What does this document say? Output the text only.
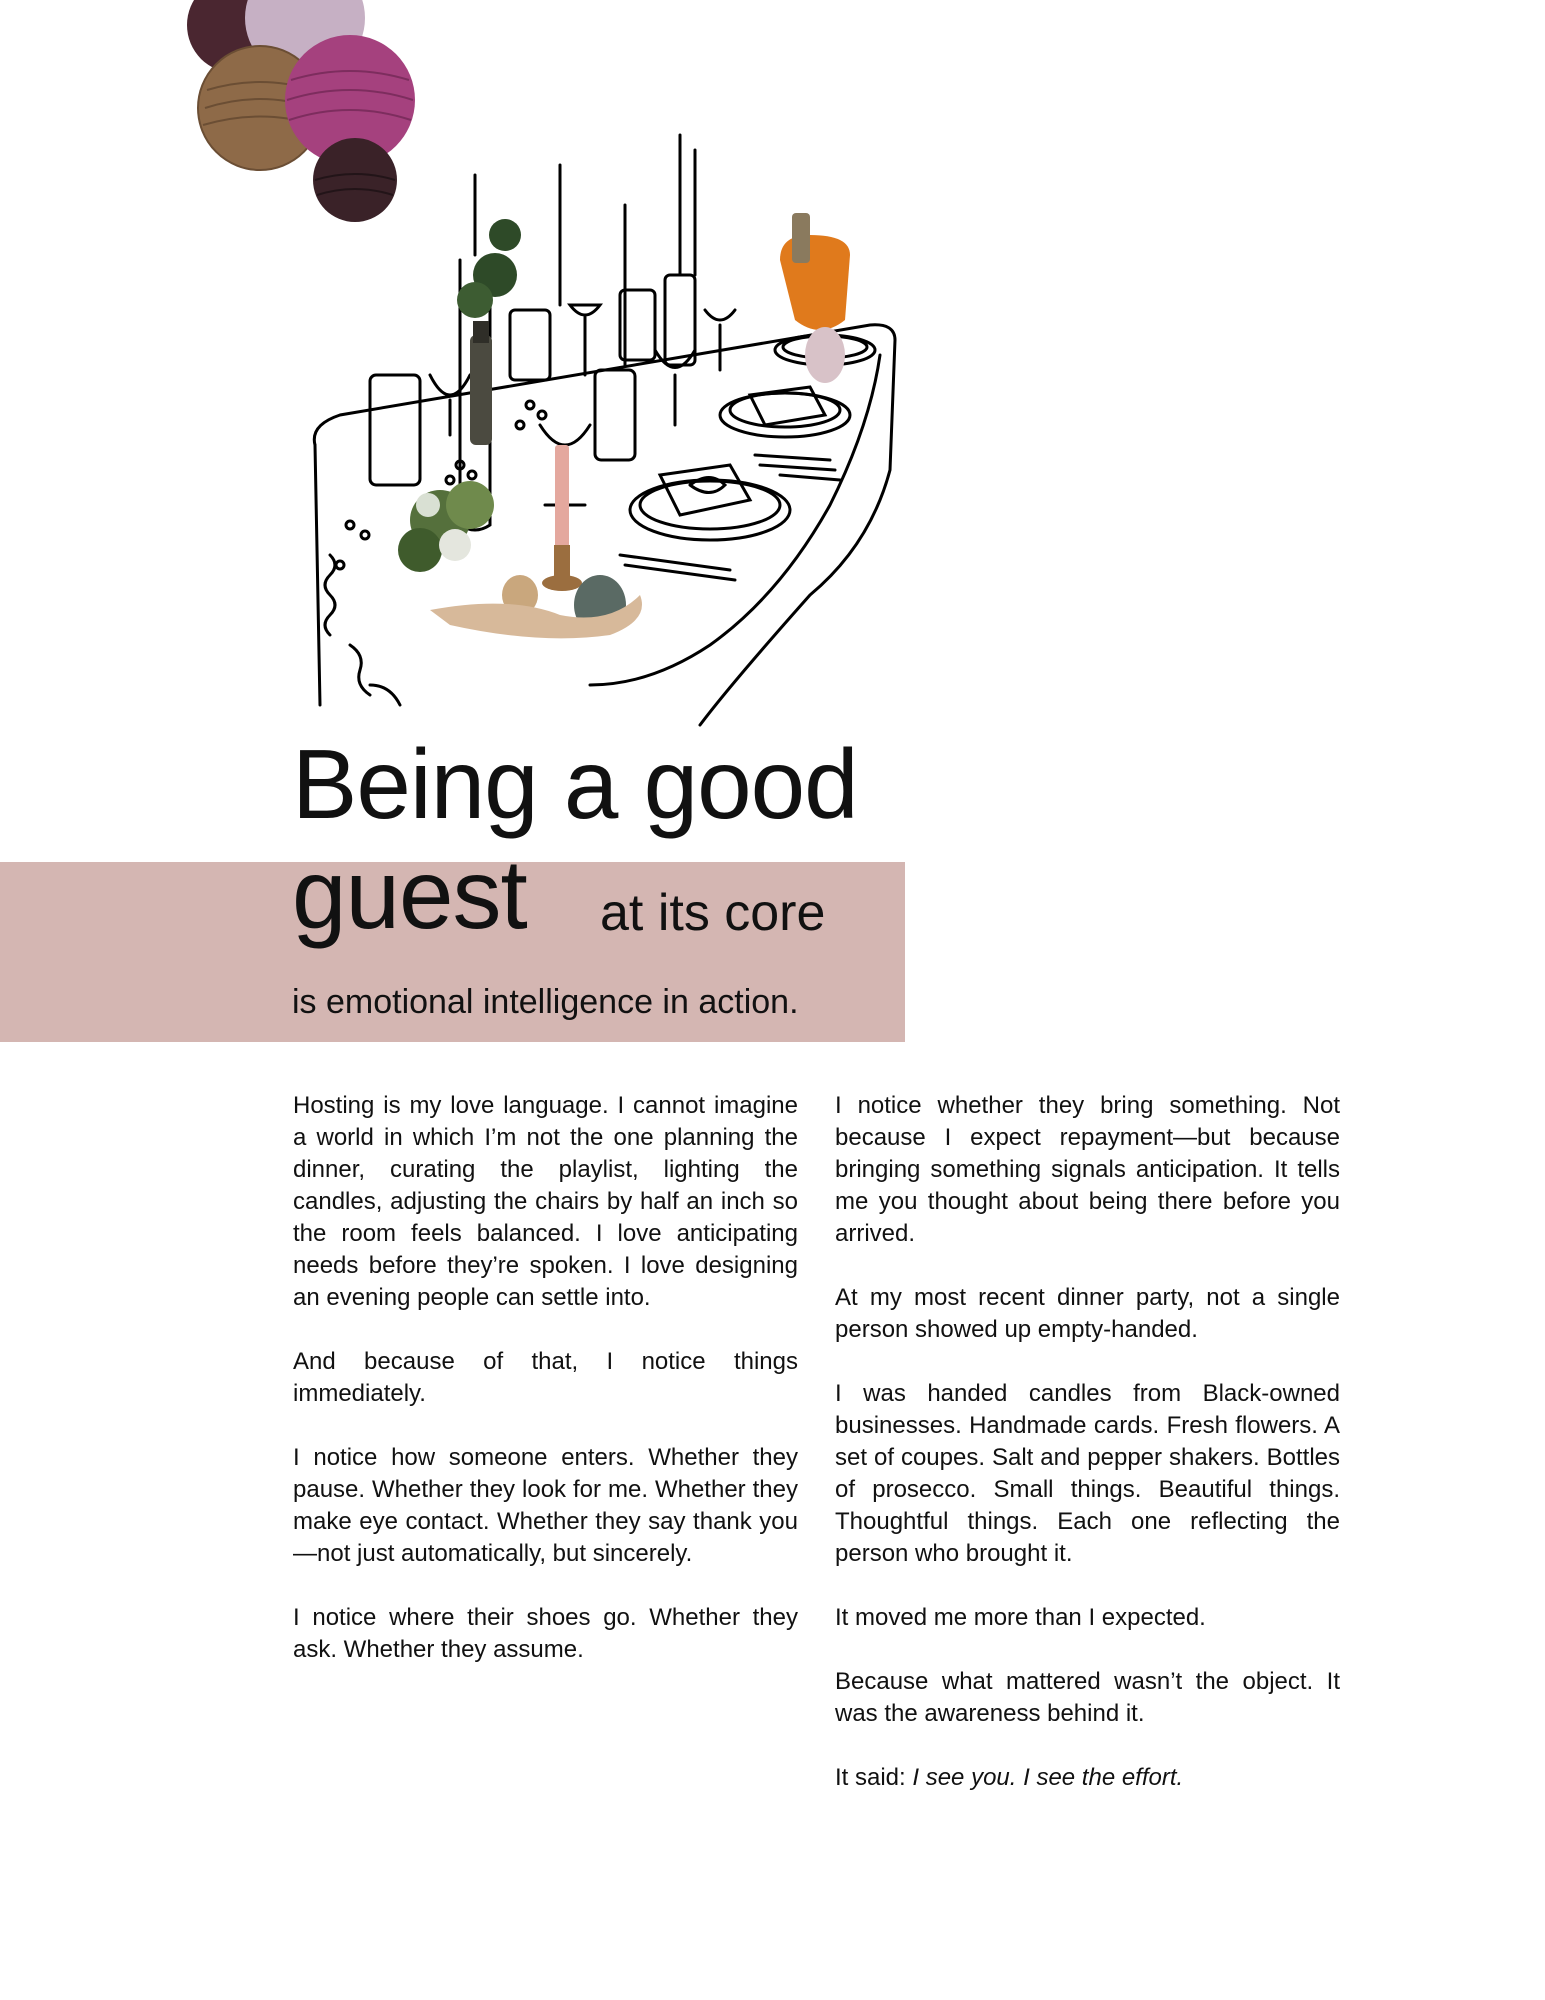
Being a good
guest at its core
is emotional intelligence in action.

Hosting is my love language. I cannot imagine a world in which I’m not the one planning the dinner, curating the playlist, lighting the candles, adjusting the chairs by half an inch so the room feels balanced. I love anticipating needs before they’re spoken. I love designing an evening people can settle into.

And because of that, I notice things immediately.

I notice how someone enters. Whether they pause. Whether they look for me. Whether they make eye contact. Whether they say thank you—not just automatically, but sincerely.

I notice where their shoes go. Whether they ask. Whether they assume.

I notice whether they bring something. Not because I expect repayment—but because bringing something signals anticipation. It tells me you thought about being there before you arrived.

At my most recent dinner party, not a single person showed up empty-handed.

I was handed candles from Black-owned businesses. Handmade cards. Fresh flowers. A set of coupes. Salt and pepper shakers. Bottles of prosecco. Small things. Beautiful things. Thoughtful things. Each one reflecting the person who brought it.

It moved me more than I expected.

Because what mattered wasn’t the object. It was the awareness behind it.

It said: I see you. I see the effort.
